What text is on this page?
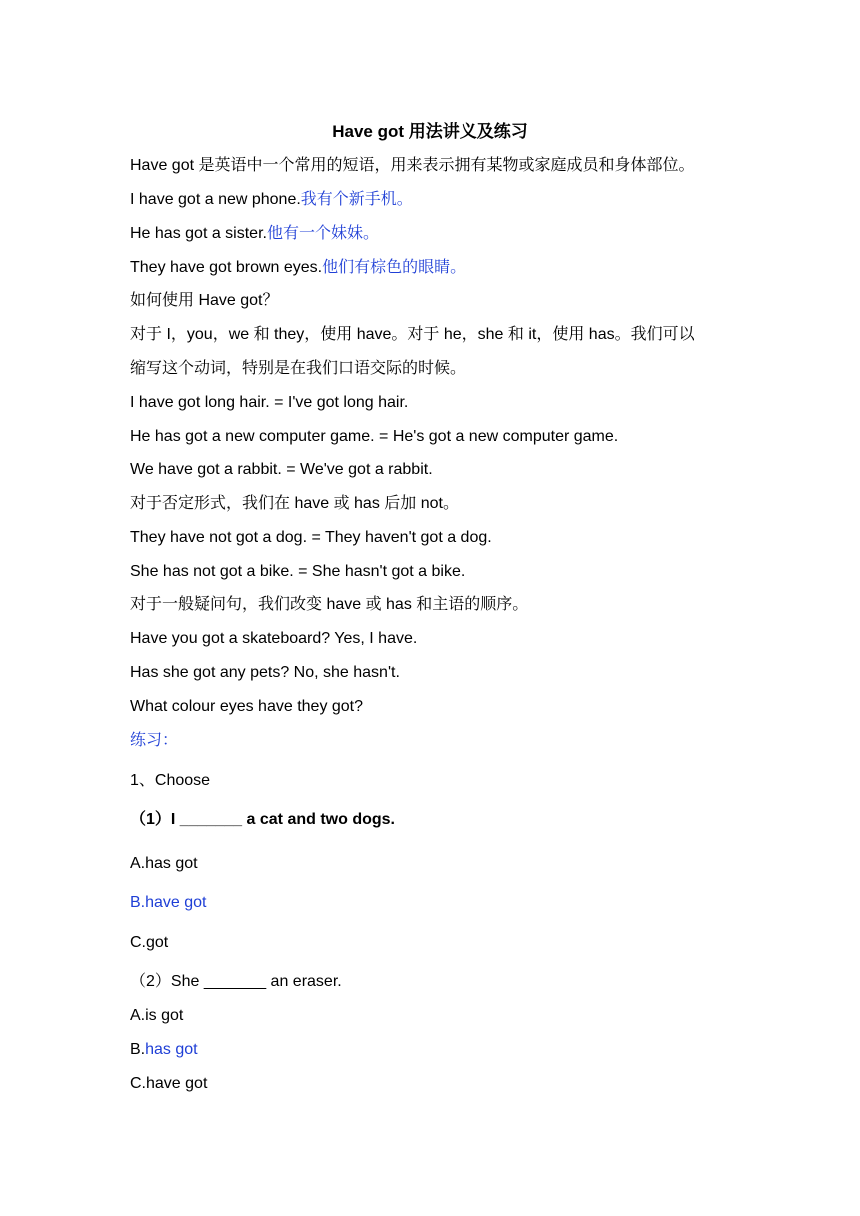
Have got 用法讲义及练习
Have got 是英语中一个常用的短语，用来表示拥有某物或家庭成员和身体部位。
I have got a new phone.我有个新手机。
He has got a sister.他有一个妹妹。
They have got brown eyes.他们有棕色的眼睛。
如何使用 Have got？
对于 I，you，we 和 they，使用 have。对于 he，she 和 it，使用 has。我们可以
缩写这个动词，特别是在我们口语交际的时候。
I have got long hair. = I've got long hair.
He has got a new computer game. = He's got a new computer game.
We have got a rabbit. = We've got a rabbit.
对于否定形式，我们在 have 或 has 后加 not。
They have not got a dog. = They haven't got a dog.
She has not got a bike. = She hasn't got a bike.
对于一般疑问句，我们改变 have 或 has 和主语的顺序。
Have you got a skateboard? Yes, I have.
Has she got any pets? No, she hasn't.
What colour eyes have they got?
练习：
1、Choose
（1）I _______ a cat and two dogs.
A.has got
B.have got
C.got
（2）She _______ an eraser.
A.is got
B.has got
C.have got
